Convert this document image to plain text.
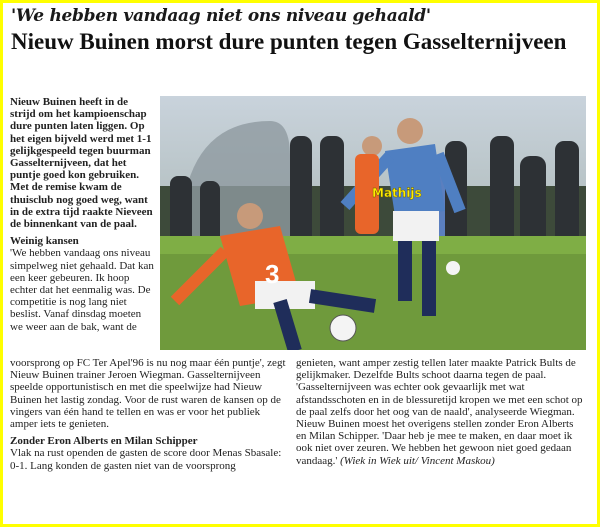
'We hebben vandaag niet ons niveau gehaald'
Nieuw Buinen morst dure punten tegen Gasselternijveen

Nieuw Buinen heeft in de strijd om het kampioenschap dure punten laten liggen. Op het eigen bijveld werd met 1-1 gelijkgespeeld tegen buurman Gasselternijveen, dat het puntje goed kon gebruiken. Met de remise kwam de thuisclub nog goed weg, want in de extra tijd raakte Nieveen de binnenkant van de paal.

Weinig kansen

'We hebben vandaag ons niveau simpelweg niet gehaald. Dat kan een keer gebeuren. Ik hoop echter dat het eenmalig was. De competitie is nog lang niet beslist. Vanaf dinsdag moeten we weer aan de bak, want de

3
Mathijs

voorsprong op FC Ter Apel'96 is nu nog maar één puntje', zegt Nieuw Buinen trainer Jeroen Wiegman. Gasselternijveen speelde opportunistisch en met die speelwijze had Nieuw Buinen het lastig zondag. Voor de rust waren de kansen op de vingers van één hand te tellen en was er voor het publiek amper iets te genieten.

Zonder Eron Alberts en Milan Schipper

Vlak na rust openden de gasten de score door Menas Sbasale: 0-1. Lang konden de gasten niet van de voorsprong

genieten, want amper zestig tellen later maakte Patrick Bults de gelijkmaker. Dezelfde Bults schoot daarna tegen de paal. 'Gasselternijveen was echter ook gevaarlijk met wat afstandsschoten en in de blessuretijd kropen we met een schot op de paal zelfs door het oog van de naald', analyseerde Wiegman. Nieuw Buinen moest het overigens stellen zonder Eron Alberts en Milan Schipper. 'Daar heb je mee te maken, en daar moet ik ook niet over zeuren. We hebben het gewoon niet goed gedaan vandaag.' (Wiek in Wiek uit/ Vincent Maskou)
